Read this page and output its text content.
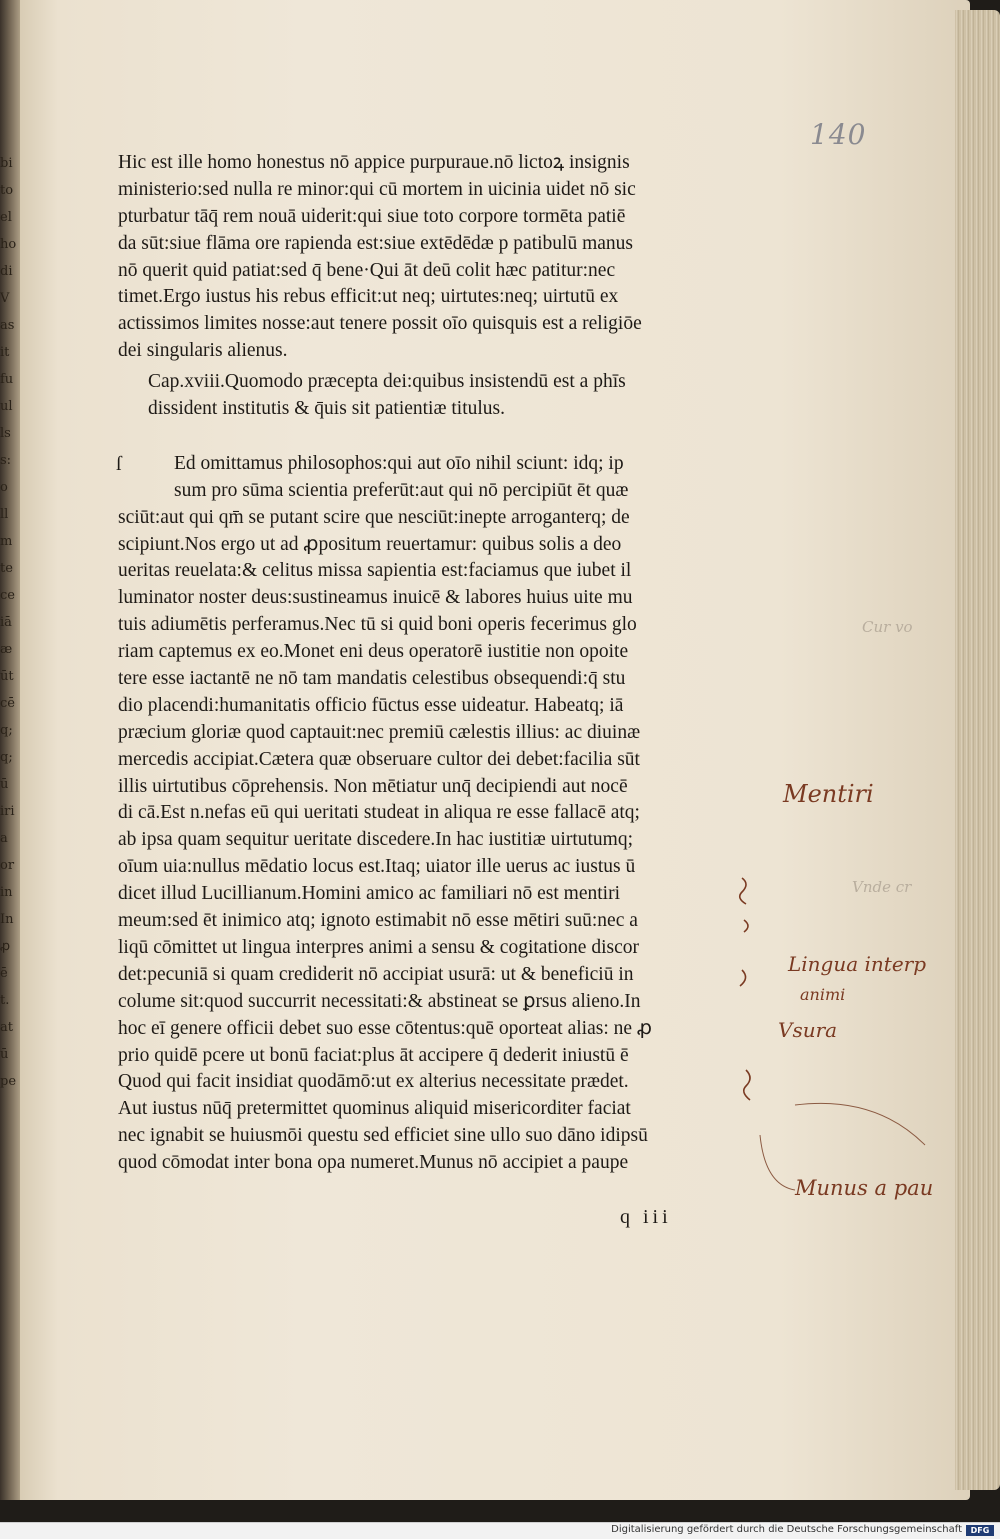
bi
to
el
ho
di
V
as
it
fu
ul
ls
s:
o
ll
m
te
ce
iā
æ
ūt
cē
q;
q;
ū
iri
a
or
in
In
ꝓ
ē
t.
at
ū
pe
140
Hic est ille homo honestus nō appice purpuraue.nō lictoꝝ insignis
ministerio:sed nulla re minor:qui cū mortem in uicinia uidet nō sic
pturbatur tāq̄ rem nouā uiderit:qui siue toto corpore tormēta patiē
da sūt:siue flāma ore rapienda est:siue extēdēdæ p patibulū manus
nō querit quid patiat:sed q̄ bene·Qui āt deū colit hæc patitur:nec
timet.Ergo iustus his rebus efficit:ut neq; uirtutes:neq; uirtutū ex
actissimos limites nosse:aut tenere possit oīo quisquis est a religiōe
dei singularis alienus.
Cap.xviii.Quomodo præcepta dei:quibus insistendū est a phīs
dissident institutis & q̄uis sit patientiæ titulus.
ſ	Ed omittamus philosophos:qui aut oīo nihil sciunt: idq; ip
sum pro sūma scientia preferūt:aut qui nō percipiūt ēt quæ
sciūt:aut qui qm̄ se putant scire que nesciūt:inepte arroganterq; de
scipiunt.Nos ergo ut ad ꝓpositum reuertamur: quibus solis a deo
ueritas reuelata:& celitus missa sapientia est:faciamus que iubet il
luminator noster deus:sustineamus inuicē & labores huius uite mu
tuis adiumētis perferamus.Nec tū si quid boni operis fecerimus glo
riam captemus ex eo.Monet eni deus operatorē iustitie non opoite
tere esse iactantē ne nō tam mandatis celestibus obsequendi:q̄ stu
dio placendi:humanitatis officio fūctus esse uideatur. Habeatq; iā
præcium gloriæ quod captauit:nec premiū cælestis illius: ac diuinæ
mercedis accipiat.Cætera quæ obseruare cultor dei debet:facilia sūt
illis uirtutibus cōprehensis. Non mētiatur unq̄ decipiendi aut nocē
di cā.Est n.nefas eū qui ueritati studeat in aliqua re esse fallacē atq;
ab ipsa quam sequitur ueritate discedere.In hac iustitiæ uirtutumq;
oīum uia:nullus mēdatio locus est.Itaq; uiator ille uerus ac iustus ū
dicet illud Lucillianum.Homini amico ac familiari nō est mentiri
meum:sed ēt inimico atq; ignoto estimabit nō esse mētiri suū:nec a
liqū cōmittet ut lingua interpres animi a sensu & cogitatione discor
det:pecuniā si quam crediderit nō accipiat usurā: ut & beneficiū in
colume sit:quod succurrit necessitati:& abstineat se ꝑrsus alieno.In
hoc eī genere officii debet suo esse cōtentus:quē oporteat alias: ne ꝓ
prio quidē pcere ut bonū faciat:plus āt accipere q̄ dederit iniustū ē
Quod qui facit insidiat quodāmō:ut ex alterius necessitate prædet.
Aut iustus nūq̄ pretermittet quominus aliquid misericorditer faciat
nec ignabit se huiusmōi questu sed efficiet sine ullo suo dāno idipsū
quod cōmodat inter bona opa numeret.Munus nō accipiet a paupe
q iii
Mentiri
Lingua interp
animi
Vsura
Munus a pau
Cur vo
Vnde cr
Digitalisierung gefördert durch die Deutsche Forschungsgemeinschaft	DFG
